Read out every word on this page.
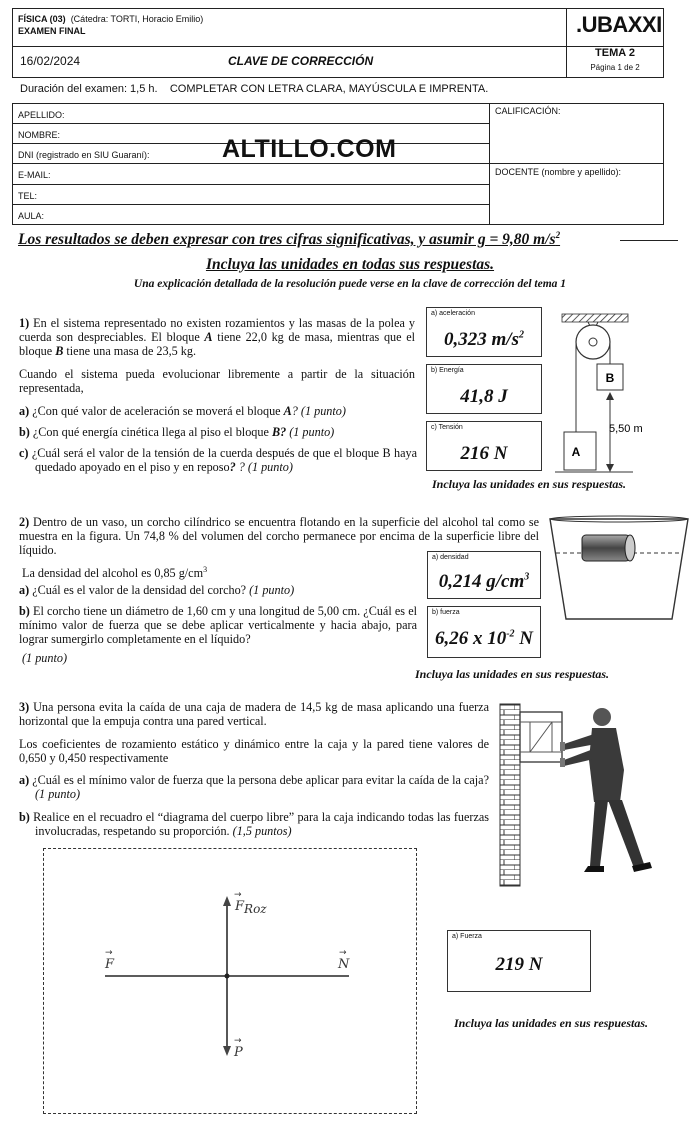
FÍSICA (03) (Cátedra: TORTI, Horacio Emilio)
EXAMEN FINAL	.UBAXXI
16/02/2024	CLAVE DE CORRECCIÓN
TEMA 2
Página 1 de 2
Duración del examen: 1,5 h. COMPLETAR CON LETRA CLARA, MAYÚSCULA E IMPRENTA.
APELLIDO:
NOMBRE:
DNI (registrado en SIU Guaraní):
E-MAIL:
TEL:
AULA:
CALIFICACIÓN:
DOCENTE (nombre y apellido):
ALTILLO.COM
Los resultados se deben expresar con tres cifras significativas, y asumir g = 9,80 $m/s^2$
Incluya las unidades en todas sus respuestas.
Una explicación detallada de la resolución puede verse en la clave de corrección del tema 1
1) En el sistema representado no existen rozamientos y las masas de la polea y cuerda son despreciables. El bloque A tiene 22,0 kg de masa, mientras que el bloque B tiene una masa de 23,5 kg.
Cuando el sistema pueda evolucionar libremente a partir de la situación representada,
a) ¿Con qué valor de aceleración se moverá el bloque A? (1 punto)
b) ¿Con qué energía cinética llega al piso el bloque B? (1 punto)
c) ¿Cuál será el valor de la tensión de la cuerda después de que el bloque B haya quedado apoyado en el piso y en reposo? ? (1 punto)
a) aceleración
0,323 $m/s^2$
b) Energía
41,8 J
c) Tensión
216 N
Incluya las unidades en sus respuestas.
B
A
5,50 m
2) Dentro de un vaso, un corcho cilíndrico se encuentra flotando en la superficie del alcohol tal como se muestra en la figura. Un 74,8 % del volumen del corcho permanece por encima de la superficie libre del líquido.
La densidad del alcohol es 0,85 $g/cm^3$
a) ¿Cuál es el valor de la densidad del corcho? (1 punto)
b) El corcho tiene un diámetro de 1,60 cm y una longitud de 5,00 cm. ¿Cuál es el mínimo valor de fuerza que se debe aplicar verticalmente y hacia abajo, para lograr sumergirlo completamente en el líquido?
(1 punto)
a) densidad
0,214 $g/cm^3$
b) fuerza
6,26 x $10^{-2}$ N
Incluya las unidades en sus respuestas.
3) Una persona evita la caída de una caja de madera de 14,5 kg de masa aplicando una fuerza horizontal que la empuja contra una pared vertical.
Los coeficientes de rozamiento estático y dinámico entre la caja y la pared tiene valores de 0,650 y 0,450 respectivamente
a) ¿Cuál es el mínimo valor de fuerza que la persona debe aplicar para evitar la caída de la caja? (1 punto)
b) Realice en el recuadro el “diagrama del cuerpo libre” para la caja indicando todas las fuerzas involucradas, respetando su proporción. (1,5 puntos)
FRoz
→
F
→
N
→
P
→
a) Fuerza
219 N
Incluya las unidades en sus respuestas.
